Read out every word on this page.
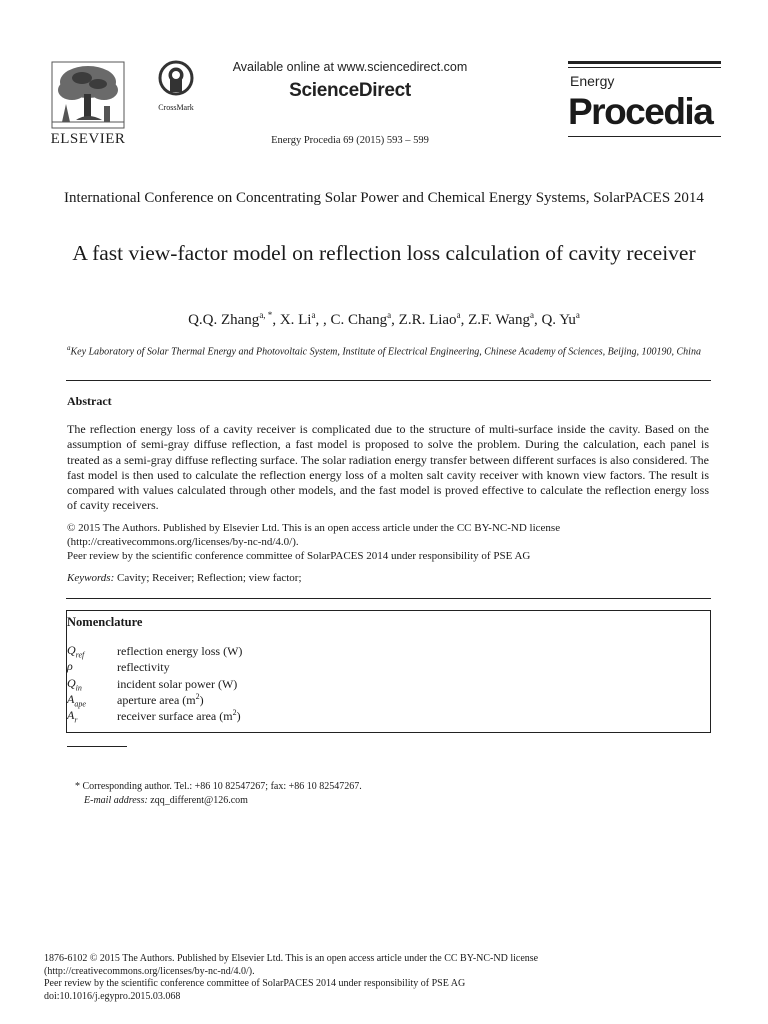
ELSEVIER
CrossMark
Available online at www.sciencedirect.com
ScienceDirect
Energy Procedia 69 (2015) 593 – 599
Energy
Procedia
International Conference on Concentrating Solar Power and Chemical Energy Systems, SolarPACES 2014
A fast view-factor model on reflection loss calculation of cavity receiver
Q.Q. Zhang$^{a, *}$, X. Li$^a$, , C. Chang$^a$, Z.R. Liao$^a$, Z.F. Wang$^a$, Q. Yu$^a$
$^a$Key Laboratory of Solar Thermal Energy and Photovoltaic System, Institute of Electrical Engineering, Chinese Academy of Sciences, Beijing, 100190, China
Abstract
The reflection energy loss of a cavity receiver is complicated due to the structure of multi-surface inside the cavity. Based on the assumption of semi-gray diffuse reflection, a fast model is proposed to solve the problem. During the calculation, each panel is treated as a semi-gray diffuse reflecting surface. The solar radiation energy transfer between different surfaces is also considered. The fast model is then used to calculate the reflection energy loss of a molten salt cavity receiver with known view factors. The result is compared with values calculated through other models, and the fast model is proved effective to calculate the reflection energy loss of cavity receivers.
© 2015 The Authors. Published by Elsevier Ltd. This is an open access article under the CC BY-NC-ND license
(http://creativecommons.org/licenses/by-nc-nd/4.0/).
Peer review by the scientific conference committee of SolarPACES 2014 under responsibility of PSE AG
Keywords: Cavity; Receiver; Reflection; view factor;
Nomenclature
$Q_{ref}$	reflection energy loss (W)
ρ	reflectivity
$Q_{in}$	incident solar power (W)
$A_{ape}$	aperture area $(m^2)$
$A_r$	receiver surface area $(m^2)$
* Corresponding author. Tel.: +86 10 82547267; fax: +86 10 82547267.
E-mail address: zqq_different@126.com
1876-6102 © 2015 The Authors. Published by Elsevier Ltd. This is an open access article under the CC BY-NC-ND license
(http://creativecommons.org/licenses/by-nc-nd/4.0/).
Peer review by the scientific conference committee of SolarPACES 2014 under responsibility of PSE AG
doi:10.1016/j.egypro.2015.03.068
